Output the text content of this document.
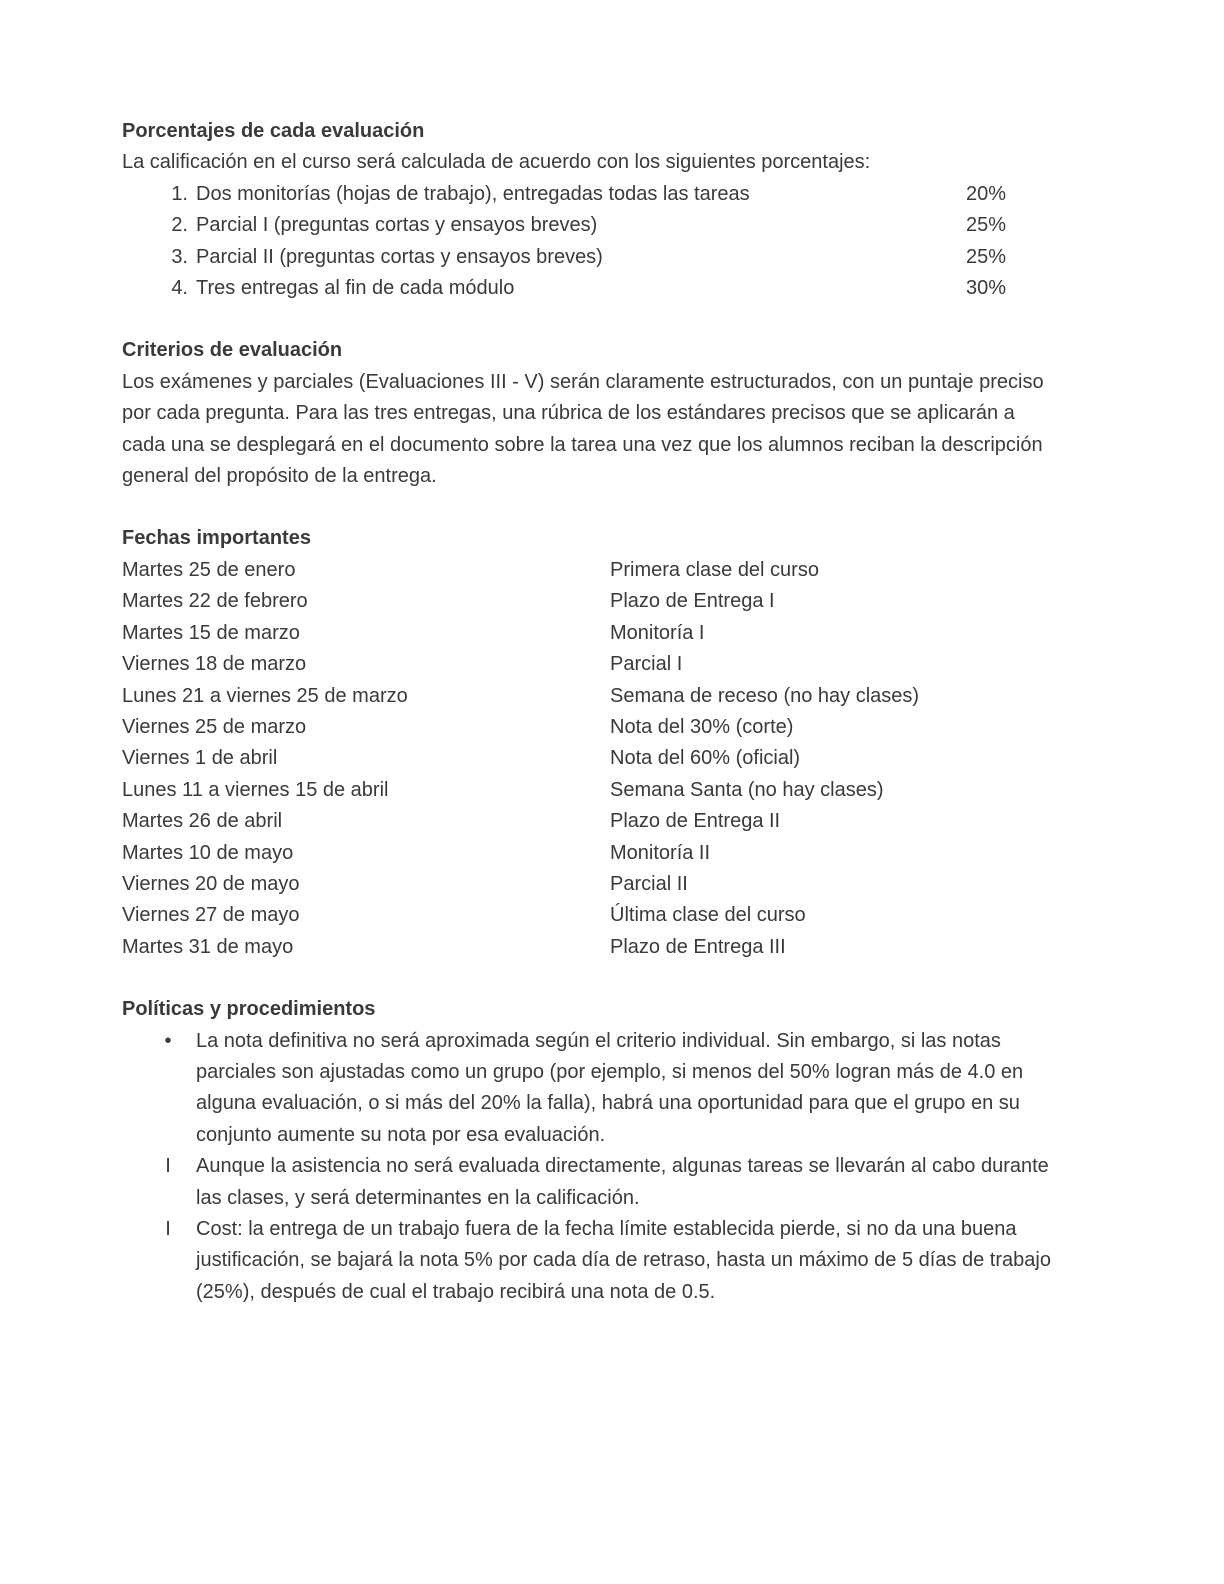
Porcentajes de cada evaluación

La calificación en el curso será calculada de acuerdo con los siguientes porcentajes:

1. Dos monitorías (hojas de trabajo), entregadas todas las tareas	20%
2. Parcial I (preguntas cortas y ensayos breves)	25%
3. Parcial II (preguntas cortas y ensayos breves)	25%
4. Tres entregas al fin de cada módulo	30%

Criterios de evaluación

Los exámenes y parciales (Evaluaciones III - V) serán claramente estructurados, con un puntaje preciso por cada pregunta. Para las tres entregas, una rúbrica de los estándares precisos que se aplicarán a cada una se desplegará en el documento sobre la tarea una vez que los alumnos reciban la descripción general del propósito de la entrega.

Fechas importantes

Martes 25 de enero	Primera clase del curso
Martes 22 de febrero	Plazo de Entrega I
Martes 15 de marzo	Monitoría I
Viernes 18 de marzo	Parcial I
Lunes 21 a viernes 25 de marzo	Semana de receso (no hay clases)
Viernes 25 de marzo	Nota del 30% (corte)
Viernes 1 de abril	Nota del 60% (oficial)
Lunes 11 a viernes 15 de abril	Semana Santa (no hay clases)
Martes 26 de abril	Plazo de Entrega II
Martes 10 de mayo	Monitoría II
Viernes 20 de mayo	Parcial II
Viernes 27 de mayo	Última clase del curso
Martes 31 de mayo	Plazo de Entrega III

Políticas y procedimientos

•	La nota definitiva no será aproximada según el criterio individual. Sin embargo, si las notas parciales son ajustadas como un grupo (por ejemplo, si menos del 50% logran más de 4.0 en alguna evaluación, o si más del 20% la falla), habrá una oportunidad para que el grupo en su conjunto aumente su nota por esa evaluación.
I	Aunque la asistencia no será evaluada directamente, algunas tareas se llevarán al cabo durante las clases, y será determinantes en la calificación.
I	Cost: la entrega de un trabajo fuera de la fecha límite establecida pierde, si no da una buena justificación, se bajará la nota 5% por cada día de retraso, hasta un máximo de 5 días de trabajo (25%), después de cual el trabajo recibirá una nota de 0.5.
